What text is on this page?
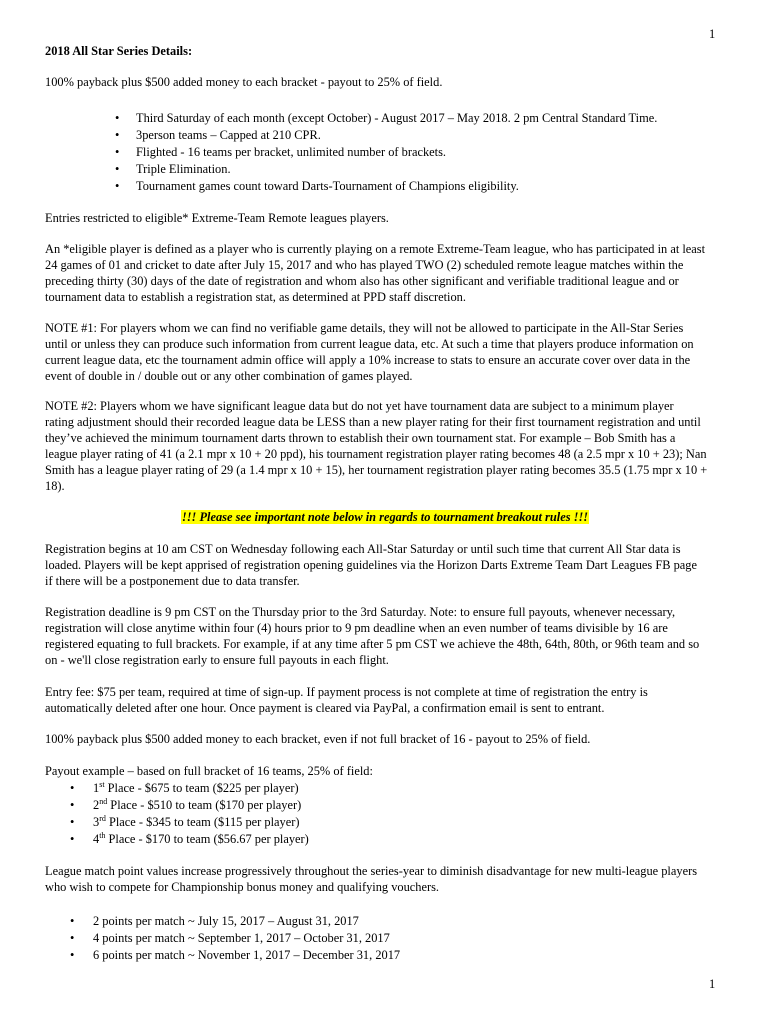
1
2018 All Star Series Details:
100% payback plus $500 added money to each bracket - payout to 25% of field.
• Third Saturday of each month (except October) - August 2017 – May 2018. 2 pm Central Standard Time.
• 3person teams – Capped at 210 CPR.
• Flighted - 16 teams per bracket, unlimited number of brackets.
• Triple Elimination.
• Tournament games count toward Darts-Tournament of Champions eligibility.
Entries restricted to eligible* Extreme-Team Remote leagues players.
An *eligible player is defined as a player who is currently playing on a remote Extreme-Team league, who has participated in at least
24 games of 01 and cricket to date after July 15, 2017 and who has played TWO (2) scheduled remote league matches within the
preceding thirty (30) days of the date of registration and whom also has other significant and verifiable traditional league and or
tournament data to establish a registration stat, as determined at PPD staff discretion.
NOTE #1: For players whom we can find no verifiable game details, they will not be allowed to participate in the All-Star Series
until or unless they can produce such information from current league data, etc. At such a time that players produce information on
current league data, etc the tournament admin office will apply a 10% increase to stats to ensure an accurate cover over data in the
event of double in / double out or any other combination of games played.
NOTE #2: Players whom we have significant league data but do not yet have tournament data are subject to a minimum player
rating adjustment should their recorded league data be LESS than a new player rating for their first tournament registration and until
they’ve achieved the minimum tournament darts thrown to establish their own tournament stat. For example – Bob Smith has a
league player rating of 41 (a 2.1 mpr x 10 + 20 ppd), his tournament registration player rating becomes 48 (a 2.5 mpr x 10 + 23); Nan
Smith has a league player rating of 29 (a 1.4 mpr x 10 + 15), her tournament registration player rating becomes 35.5 (1.75 mpr x 10 +
18).
!!! Please see important note below in regards to tournament breakout rules !!!
Registration begins at 10 am CST on Wednesday following each All-Star Saturday or until such time that current All Star data is
loaded. Players will be kept apprised of registration opening guidelines via the Horizon Darts Extreme Team Dart Leagues FB page
if there will be a postponement due to data transfer.
Registration deadline is 9 pm CST on the Thursday prior to the 3rd Saturday. Note: to ensure full payouts, whenever necessary,
registration will close anytime within four (4) hours prior to 9 pm deadline when an even number of teams divisible by 16 are
registered equating to full brackets. For example, if at any time after 5 pm CST we achieve the 48th, 64th, 80th, or 96th team and so
on - we'll close registration early to ensure full payouts in each flight.
Entry fee: $75 per team, required at time of sign-up. If payment process is not complete at time of registration the entry is
automatically deleted after one hour. Once payment is cleared via PayPal, a confirmation email is sent to entrant.
100% payback plus $500 added money to each bracket, even if not full bracket of 16 - payout to 25% of field.
Payout example – based on full bracket of 16 teams, 25% of field:
• 1st Place - $675 to team ($225 per player)
• 2nd Place - $510 to team ($170 per player)
• 3rd Place - $345 to team ($115 per player)
• 4th Place - $170 to team ($56.67 per player)
League match point values increase progressively throughout the series-year to diminish disadvantage for new multi-league players
who wish to compete for Championship bonus money and qualifying vouchers.
• 2 points per match ~ July 15, 2017 – August 31, 2017
• 4 points per match ~ September 1, 2017 – October 31, 2017
• 6 points per match ~ November 1, 2017 – December 31, 2017
1
